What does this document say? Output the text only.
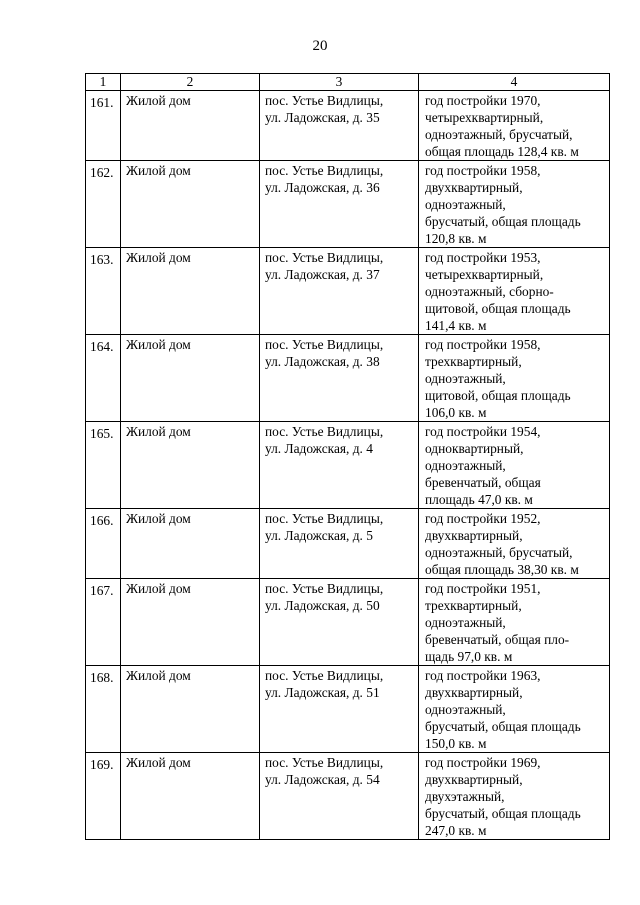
20
1	2	3	4
161.	Жилой дом	пос. Устье Видлицы,
ул. Ладожская, д. 35	год постройки 1970,
четырехквартирный,
одноэтажный, брусчатый,
общая площадь 128,4 кв. м

162.	Жилой дом	пос. Устье Видлицы,
ул. Ладожская, д. 36	год постройки 1958,
двухквартирный,
одноэтажный,
брусчатый, общая площадь
120,8 кв. м

163.	Жилой дом	пос. Устье Видлицы,
ул. Ладожская, д. 37	год постройки 1953,
четырехквартирный,
одноэтажный, сборно-
щитовой, общая площадь
141,4 кв. м

164.	Жилой дом	пос. Устье Видлицы,
ул. Ладожская, д. 38	год постройки 1958,
трехквартирный,
одноэтажный,
щитовой, общая площадь
106,0 кв. м

165.	Жилой дом	пос. Устье Видлицы,
ул. Ладожская, д. 4	год постройки 1954,
одноквартирный,
одноэтажный,
бревенчатый, общая
площадь 47,0 кв. м

166.	Жилой дом	пос. Устье Видлицы,
ул. Ладожская, д. 5	год постройки 1952,
двухквартирный,
одноэтажный, брусчатый,
общая площадь 38,30 кв. м

167.	Жилой дом	пос. Устье Видлицы,
ул. Ладожская, д. 50	год постройки 1951,
трехквартирный,
одноэтажный,
бревенчатый, общая пло-
щадь 97,0 кв. м

168.	Жилой дом	пос. Устье Видлицы,
ул. Ладожская, д. 51	год постройки 1963,
двухквартирный,
одноэтажный,
брусчатый, общая площадь
150,0 кв. м

169.	Жилой дом	пос. Устье Видлицы,
ул. Ладожская, д. 54	год постройки 1969,
двухквартирный,
двухэтажный,
брусчатый, общая площадь
247,0 кв. м
